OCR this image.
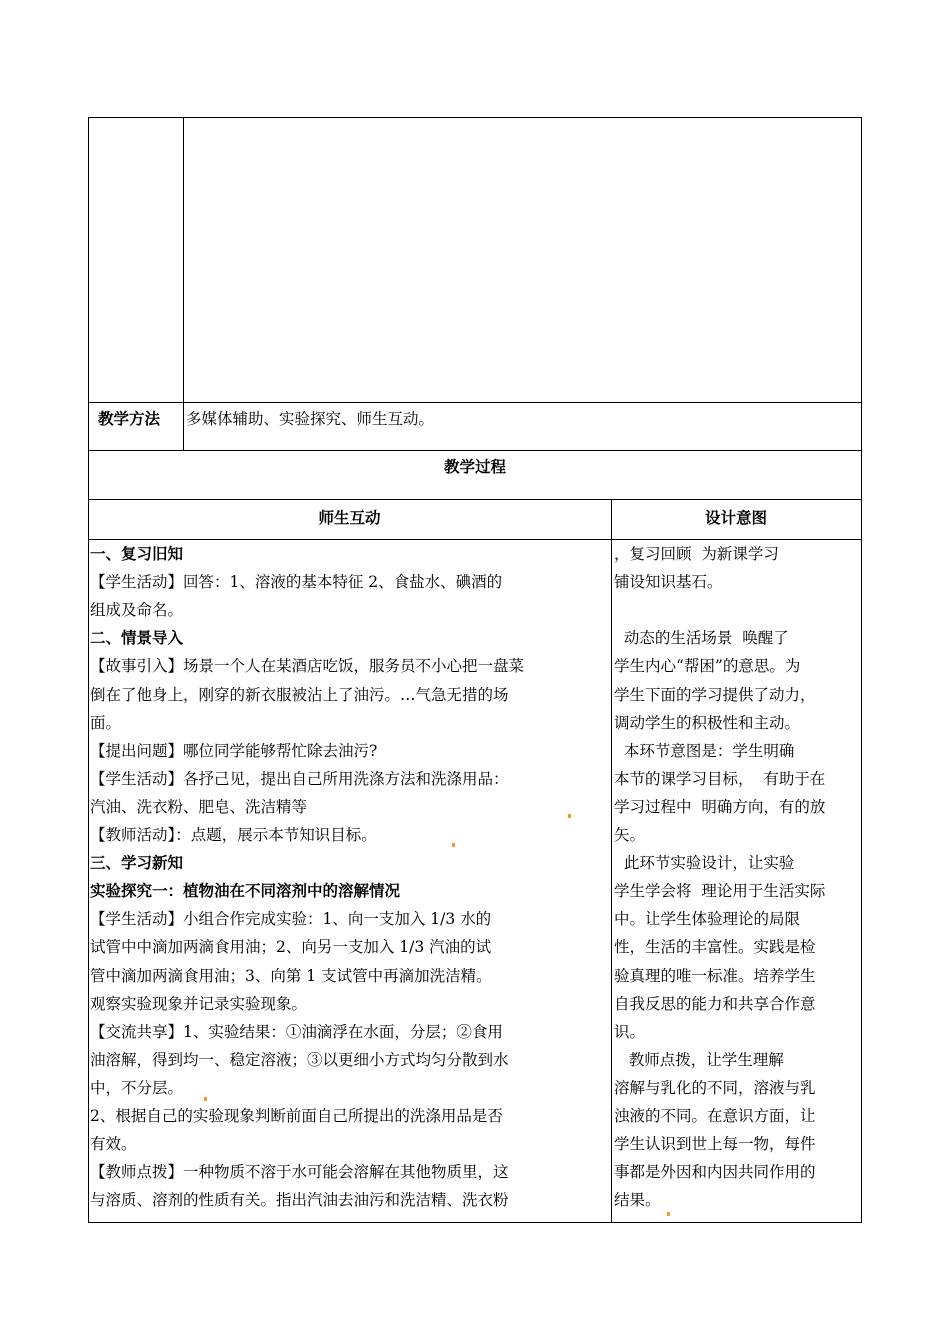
教学方法 多媒体辅助、实验探究、师生互动。
教学过程
师生互动	设计意图
一、复习旧知
【学生活动】回答：1、溶液的基本特征 2、食盐水、碘酒的
组成及命名。
二、情景导入
【故事引入】场景一个人在某酒店吃饭，服务员不小心把一盘菜
倒在了他身上，刚穿的新衣服被沾上了油污。…气急无措的场
面。
【提出问题】哪位同学能够帮忙除去油污?
【学生活动】各抒己见，提出自己所用洗涤方法和洗涤用品：
汽油、洗衣粉、肥皂、洗洁精等
【教师活动】：点题，展示本节知识目标。
三、学习新知
实验探究一：植物油在不同溶剂中的溶解情况
【学生活动】小组合作完成实验：1、向一支加入 1/3 水的
试管中中滴加两滴食用油；2、向另一支加入 1/3 汽油的试
管中滴加两滴食用油；3、向第 1 支试管中再滴加洗洁精。
观察实验现象并记录实验现象。
【交流共享】1、实验结果：①油滴浮在水面，分层；②食用
油溶解，得到均一、稳定溶液；③以更细小方式均匀分散到水
中，不分层。
2、根据自己的实验现象判断前面自己所提出的洗涤用品是否
有效。
【教师点拨】一种物质不溶于水可能会溶解在其他物质里，这
与溶质、溶剂的性质有关。指出汽油去油污和洗洁精、洗衣粉
，复习回顾  为新课学习
铺设知识基石。
动态的生活场景  唤醒了
学生内心“帮困”的意思。为
学生下面的学习提供了动力，
调动学生的积极性和主动。
本环节意图是：学生明确
本节的课学习目标，  有助于在
学习过程中  明确方向，有的放
矢。
此环节实验设计，让实验
学生学会将  理论用于生活实际
中。让学生体验理论的局限
性，生活的丰富性。实践是检
验真理的唯一标准。培养学生
自我反思的能力和共享合作意
识。
教师点拨，让学生理解
溶解与乳化的不同，溶液与乳
浊液的不同。在意识方面，让
学生认识到世上每一物，每件
事都是外因和内因共同作用的
结果。
